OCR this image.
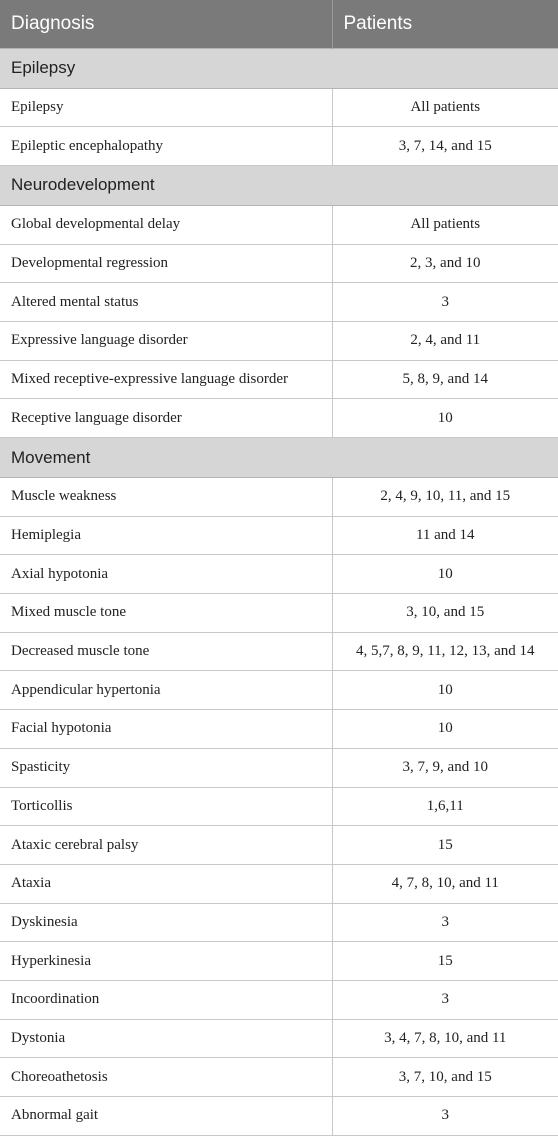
Diagnosis	Patients
Epilepsy	
Epilepsy	All patients
Epileptic encephalopathy	3, 7, 14, and 15
Neurodevelopment	
Global developmental delay	All patients
Developmental regression	2, 3, and 10
Altered mental status	3
Expressive language disorder	2, 4, and 11
Mixed receptive-expressive language disorder	5, 8, 9, and 14
Receptive language disorder	10
Movement	
Muscle weakness	2, 4, 9, 10, 11, and 15
Hemiplegia	11 and 14
Axial hypotonia	10
Mixed muscle tone	3, 10, and 15
Decreased muscle tone	4, 5,7, 8, 9, 11, 12, 13, and 14
Appendicular hypertonia	10
Facial hypotonia	10
Spasticity	3, 7, 9, and 10
Torticollis	1,6,11
Ataxic cerebral palsy	15
Ataxia	4, 7, 8, 10, and 11
Dyskinesia	3
Hyperkinesia	15
Incoordination	3
Dystonia	3, 4, 7, 8, 10, and 11
Choreoathetosis	3, 7, 10, and 15
Abnormal gait	3
